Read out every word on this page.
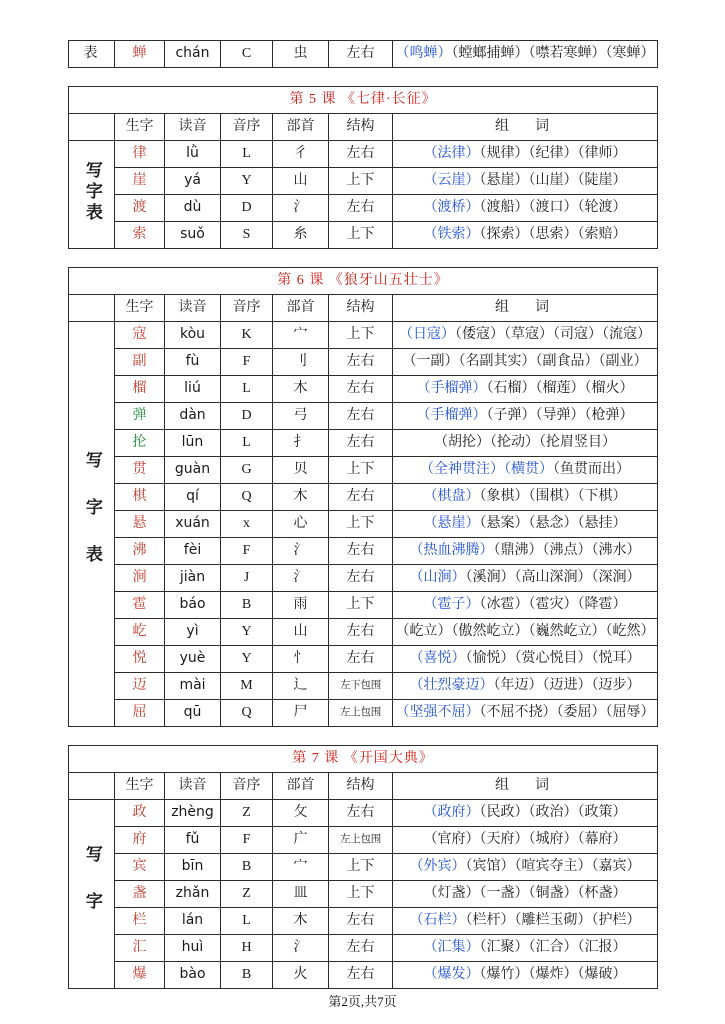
表	蝉	chán	C	虫	左右	（鸣蝉）（螳螂捕蝉）（噤若寒蝉）（寒蝉）
第 5 课 《七律·长征》						
	生字	读音	音序	部首	结构	组　词
写字表	律	lǜ	L	彳	左右	（法律）（规律）（纪律）（律师）
	崖	yá	Y	山	上下	（云崖）（悬崖）（山崖）（陡崖）
	渡	dù	D	氵	左右	（渡桥）（渡船）（渡口）（轮渡）
	索	suǒ	S	糸	上下	（铁索）（探索）（思索）（索赔）
第 6 课 《狼牙山五壮士》						
	生字	读音	音序	部首	结构	组　词
写字表	寇	kòu	K	宀	上下	（日寇）（倭寇）（草寇）（司寇）（流寇）
	副	fù	F	刂	左右	（一副）（名副其实）（副食品）（副业）
	榴	liú	L	木	左右	（手榴弹）（石榴）（榴莲）（榴火）
	弹	dàn	D	弓	左右	（手榴弹）（子弹）（导弹）（枪弹）
	抡	lūn	L	扌	左右	（胡抡）（抡动）（抡眉竖目）
	贯	guàn	G	贝	上下	（全神贯注）（横贯）（鱼贯而出）
	棋	qí	Q	木	左右	（棋盘）（象棋）（围棋）（下棋）
	悬	xuán	x	心	上下	（悬崖）（悬案）（悬念）（悬挂）
	沸	fèi	F	氵	左右	（热血沸腾）（鼎沸）（沸点）（沸水）
	涧	jiàn	J	氵	左右	（山涧）（溪涧）（高山深涧）（深涧）
	雹	báo	B	雨	上下	（雹子）（冰雹）（雹灾）（降雹）
	屹	yì	Y	山	左右	（屹立）（傲然屹立）（巍然屹立）（屹然）
	悦	yuè	Y	忄	左右	（喜悦）（愉悦）（赏心悦目）（悦耳）
	迈	mài	M	辶	左下包围	（壮烈豪迈）（年迈）（迈进）（迈步）
	屈	qū	Q	尸	左上包围	（坚强不屈）（不屈不挠）（委屈）（屈辱）
第 7 课 《开国大典》						
	生字	读音	音序	部首	结构	组　词
写字	政	zhèng	Z	攵	左右	（政府）（民政）（政治）（政策）
	府	fǔ	F	广	左上包围	（官府）（天府）（城府）（幕府）
	宾	bīn	B	宀	上下	（外宾）（宾馆）（喧宾夺主）（嘉宾）
	盏	zhǎn	Z	皿	上下	（灯盏）（一盏）（铜盏）（杯盏）
	栏	lán	L	木	左右	（石栏）（栏杆）（雕栏玉砌）（护栏）
	汇	huì	H	氵	左右	（汇集）（汇聚）（汇合）（汇报）
	爆	bào	B	火	左右	（爆发）（爆竹）（爆炸）（爆破）
第2页,共7页
